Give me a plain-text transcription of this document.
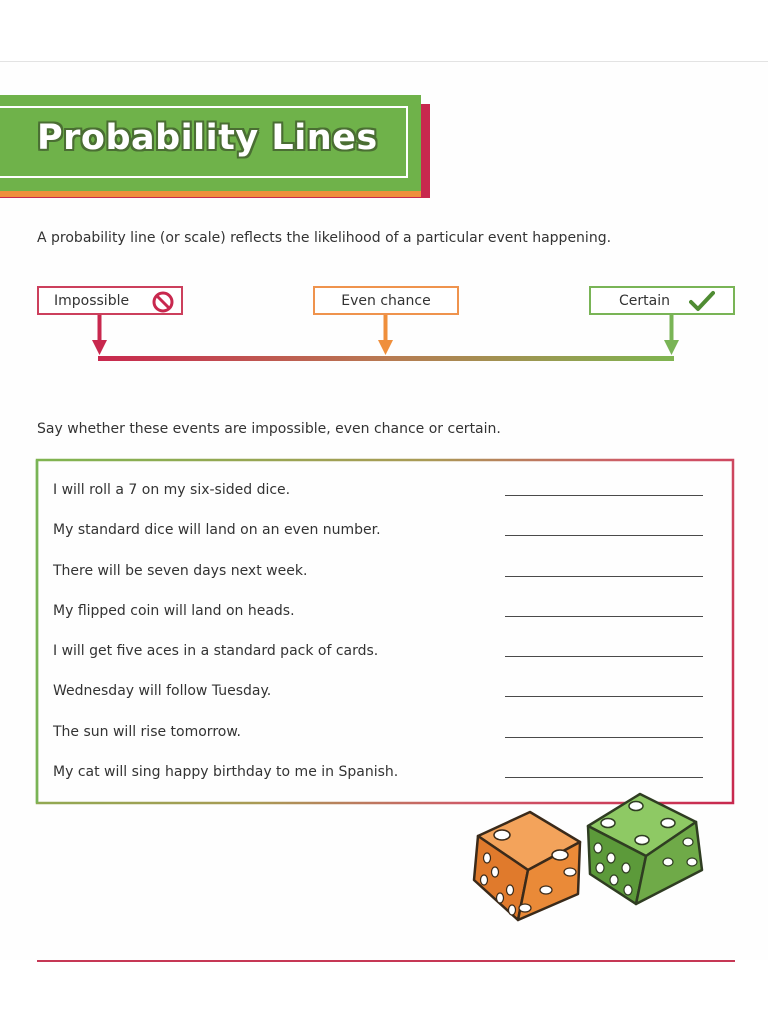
Probability Lines
A probability line (or scale) reflects the likelihood of a particular event happening.
Impossible	Even chance	Certain
Say whether these events are impossible, even chance or certain.
I will roll a 7 on my six-sided dice.
My standard dice will land on an even number.
There will be seven days next week.
My flipped coin will land on heads.
I will get five aces in a standard pack of cards.
Wednesday will follow Tuesday.
The sun will rise tomorrow.
My cat will sing happy birthday to me in Spanish.
